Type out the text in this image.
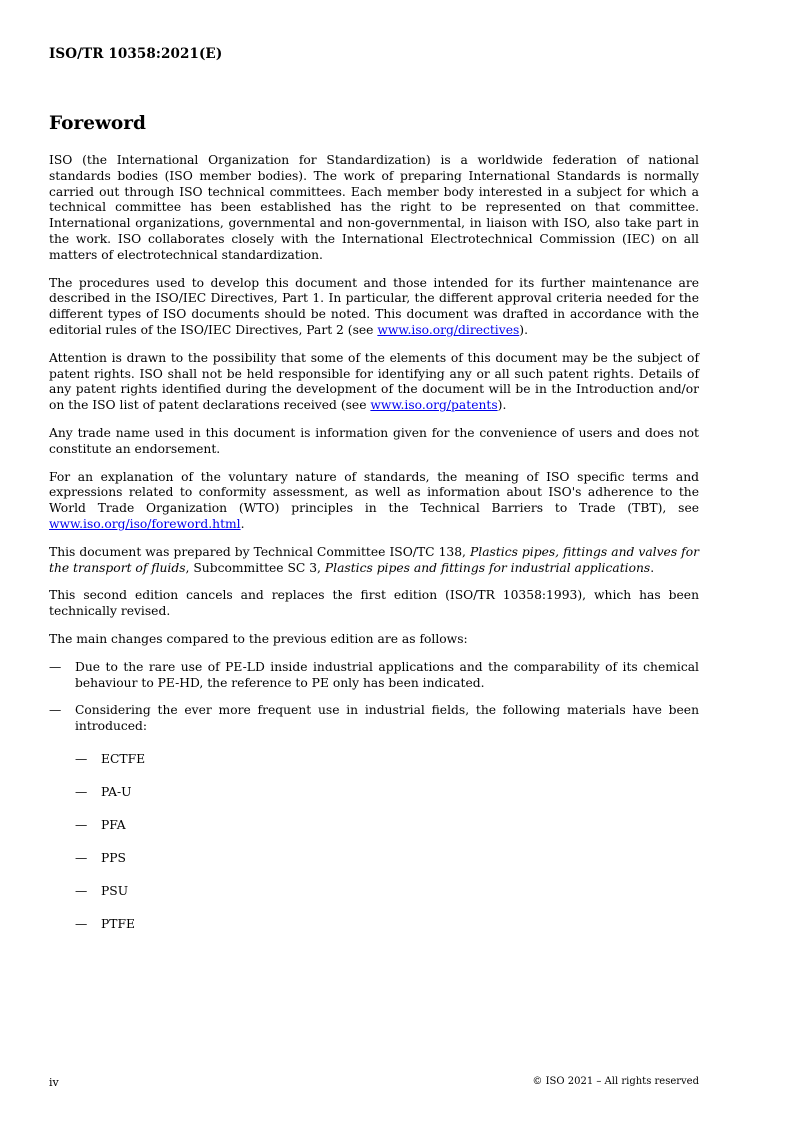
ISO/TR 10358:2021(E)
Foreword

ISO (the International Organization for Standardization) is a worldwide federation of national standards bodies (ISO member bodies). The work of preparing International Standards is normally carried out through ISO technical committees. Each member body interested in a subject for which a technical committee has been established has the right to be represented on that committee. International organizations, governmental and non-governmental, in liaison with ISO, also take part in the work. ISO collaborates closely with the International Electrotechnical Commission (IEC) on all matters of electrotechnical standardization.

The procedures used to develop this document and those intended for its further maintenance are described in the ISO/IEC Directives, Part 1. In particular, the different approval criteria needed for the different types of ISO documents should be noted. This document was drafted in accordance with the editorial rules of the ISO/IEC Directives, Part 2 (see www.iso.org/directives).

Attention is drawn to the possibility that some of the elements of this document may be the subject of patent rights. ISO shall not be held responsible for identifying any or all such patent rights. Details of any patent rights identified during the development of the document will be in the Introduction and/or on the ISO list of patent declarations received (see www.iso.org/patents).

Any trade name used in this document is information given for the convenience of users and does not constitute an endorsement.

For an explanation of the voluntary nature of standards, the meaning of ISO specific terms and expressions related to conformity assessment, as well as information about ISO's adherence to the World Trade Organization (WTO) principles in the Technical Barriers to Trade (TBT), see www.iso.org/iso/foreword.html.

This document was prepared by Technical Committee ISO/TC 138, Plastics pipes, fittings and valves for the transport of fluids, Subcommittee SC 3, Plastics pipes and fittings for industrial applications.

This second edition cancels and replaces the first edition (ISO/TR 10358:1993), which has been technically revised.

The main changes compared to the previous edition are as follows:

— Due to the rare use of PE-LD inside industrial applications and the comparability of its chemical behaviour to PE-HD, the reference to PE only has been indicated.
— Considering the ever more frequent use in industrial fields, the following materials have been introduced:
— ECTFE
— PA-U
— PFA
— PPS
— PSU
— PTFE
iv	© ISO 2021 – All rights reserved
